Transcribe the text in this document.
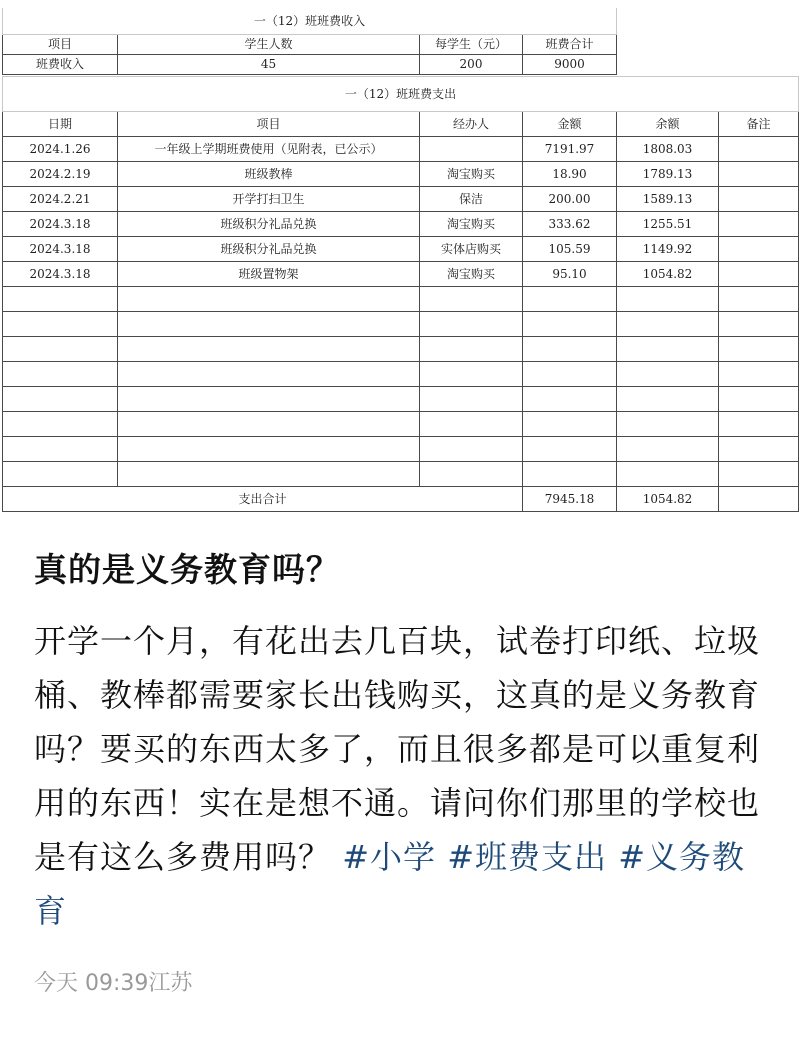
一（12）班班费收入			
项目	学生人数	每学生（元）	班费合计
班费收入	45	200	9000
一（12）班班费支出					
日期	项目	经办人	金额	余额	备注
2024.1.26	一年级上学期班费使用（见附表，已公示）		7191.97	1808.03	
2024.2.19	班级教棒	淘宝购买	18.90	1789.13	
2024.2.21	开学打扫卫生	保洁	200.00	1589.13	
2024.3.18	班级积分礼品兑换	淘宝购买	333.62	1255.51	
2024.3.18	班级积分礼品兑换	实体店购买	105.59	1149.92	
2024.3.18	班级置物架	淘宝购买	95.10	1054.82	

支出合计			7945.18	1054.82	
真的是义务教育吗？
开学一个月，有花出去几百块，试卷打印纸、垃圾桶、教棒都需要家长出钱购买，这真的是义务教育吗？要买的东西太多了，而且很多都是可以重复利用的东西！实在是想不通。请问你们那里的学校也是有这么多费用吗？ #小学 #班费支出 #义务教育
今天 09:39江苏
